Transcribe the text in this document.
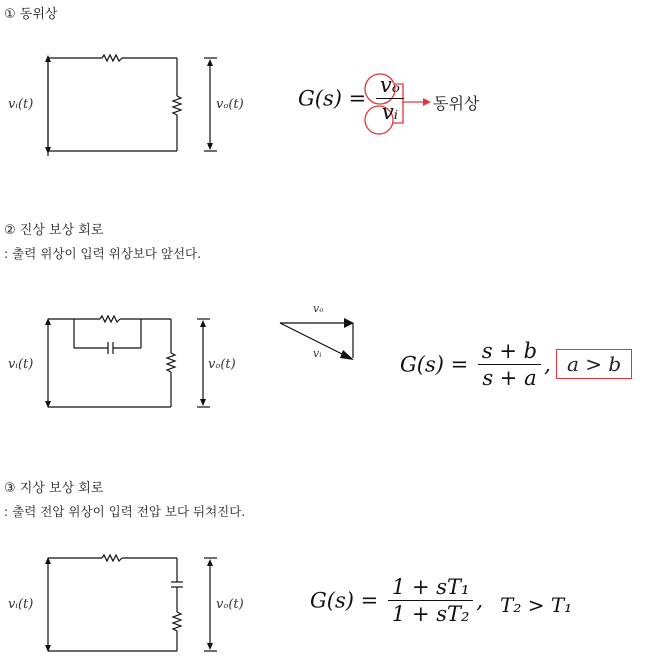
① 동위상
vᵢ(t)	vₒ(t)	$G(s) = \frac{\text{vₒ}}{\text{vᵢ}}$ 동위상
② 진상 보상 회로
: 출력 위상이 입력 위상보다 앞선다.
vᵢ(t)	vₒ(t)
vₒ
vᵢ	$G(s) = \frac{s + b}{s + a}$ , a > b
③ 지상 보상 회로
: 출력 전압 위상이 입력 전압 보다 뒤쳐진다.
vᵢ(t)	vₒ(t)	$G(s) = \frac{\text{1 + sT₁}}{\text{1 + sT₂}}$ , T₂ > T₁
